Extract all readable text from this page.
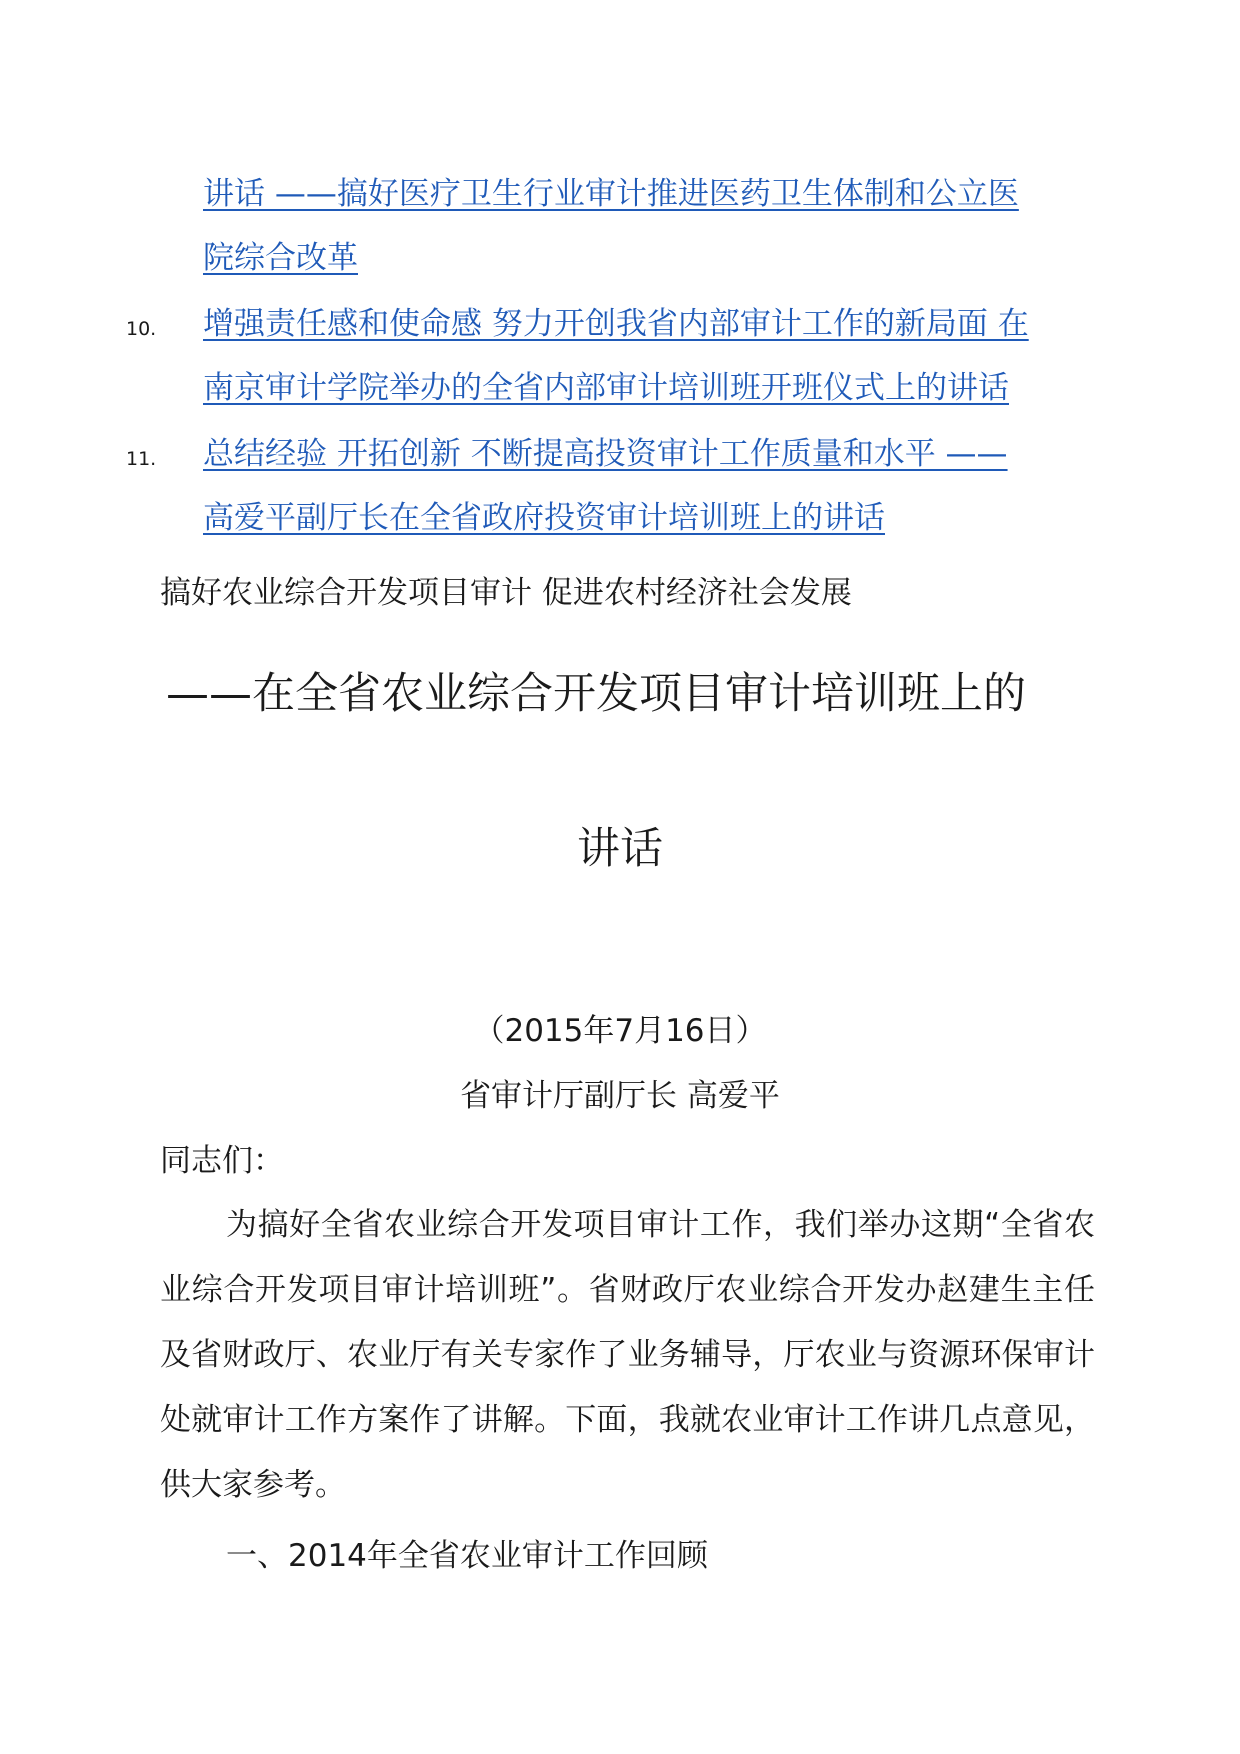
讲话 ——搞好医疗卫生行业审计推进医药卫生体制和公立医
院综合改革
10. 增强责任感和使命感 努力开创我省内部审计工作的新局面 在
南京审计学院举办的全省内部审计培训班开班仪式上的讲话
11. 总结经验 开拓创新 不断提高投资审计工作质量和水平 ——
高爱平副厅长在全省政府投资审计培训班上的讲话
搞好农业综合开发项目审计 促进农村经济社会发展
——在全省农业综合开发项目审计培训班上的
讲话
（2015年7月16日）
省审计厅副厅长 高爱平
同志们：
为搞好全省农业综合开发项目审计工作，我们举办这期“全省农业综合开发项目审计培训班”。省财政厅农业综合开发办赵建生主任及省财政厅、农业厅有关专家作了业务辅导，厅农业与资源环保审计处就审计工作方案作了讲解。下面，我就农业审计工作讲几点意见，供大家参考。
一、2014年全省农业审计工作回顾
